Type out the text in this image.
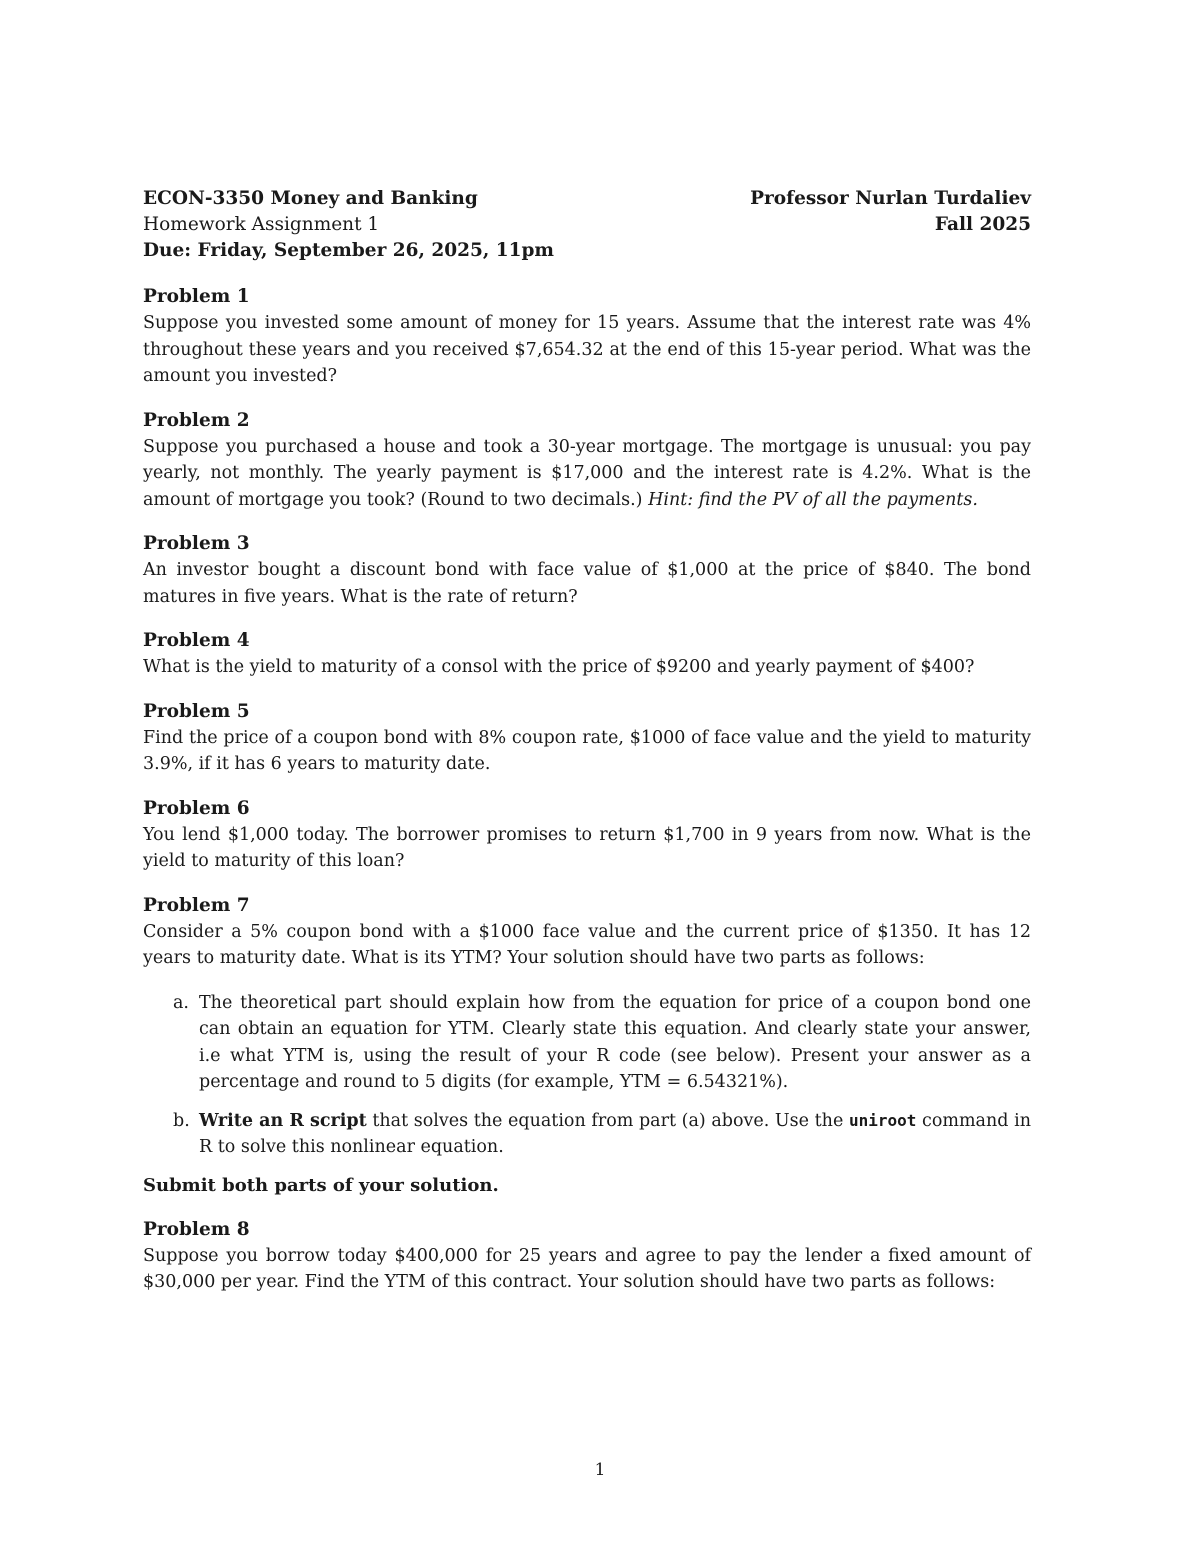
ECON-3350 Money and Banking
Homework Assignment 1
Due: Friday, September 26, 2025, 11pm
Professor Nurlan Turdaliev
Fall 2025
Problem 1
Suppose you invested some amount of money for 15 years. Assume that the interest rate was 4% throughout these years and you received $7,654.32 at the end of this 15-year period. What was the amount you invested?
Problem 2
Suppose you purchased a house and took a 30-year mortgage. The mortgage is unusual: you pay yearly, not monthly. The yearly payment is $17,000 and the interest rate is 4.2%. What is the amount of mortgage you took? (Round to two decimals.) Hint: find the PV of all the payments.
Problem 3
An investor bought a discount bond with face value of $1,000 at the price of $840. The bond matures in five years. What is the rate of return?
Problem 4
What is the yield to maturity of a consol with the price of $9200 and yearly payment of $400?
Problem 5
Find the price of a coupon bond with 8% coupon rate, $1000 of face value and the yield to maturity 3.9%, if it has 6 years to maturity date.
Problem 6
You lend $1,000 today. The borrower promises to return $1,700 in 9 years from now. What is the yield to maturity of this loan?
Problem 7
Consider a 5% coupon bond with a $1000 face value and the current price of $1350. It has 12 years to maturity date. What is its YTM? Your solution should have two parts as follows:
a. The theoretical part should explain how from the equation for price of a coupon bond one can obtain an equation for YTM. Clearly state this equation. And clearly state your answer, i.e what YTM is, using the result of your R code (see below). Present your answer as a percentage and round to 5 digits (for example, YTM = 6.54321%).
b. Write an R script that solves the equation from part (a) above. Use the uniroot command in R to solve this nonlinear equation.
Submit both parts of your solution.
Problem 8
Suppose you borrow today $400,000 for 25 years and agree to pay the lender a fixed amount of $30,000 per year. Find the YTM of this contract. Your solution should have two parts as follows:
1
